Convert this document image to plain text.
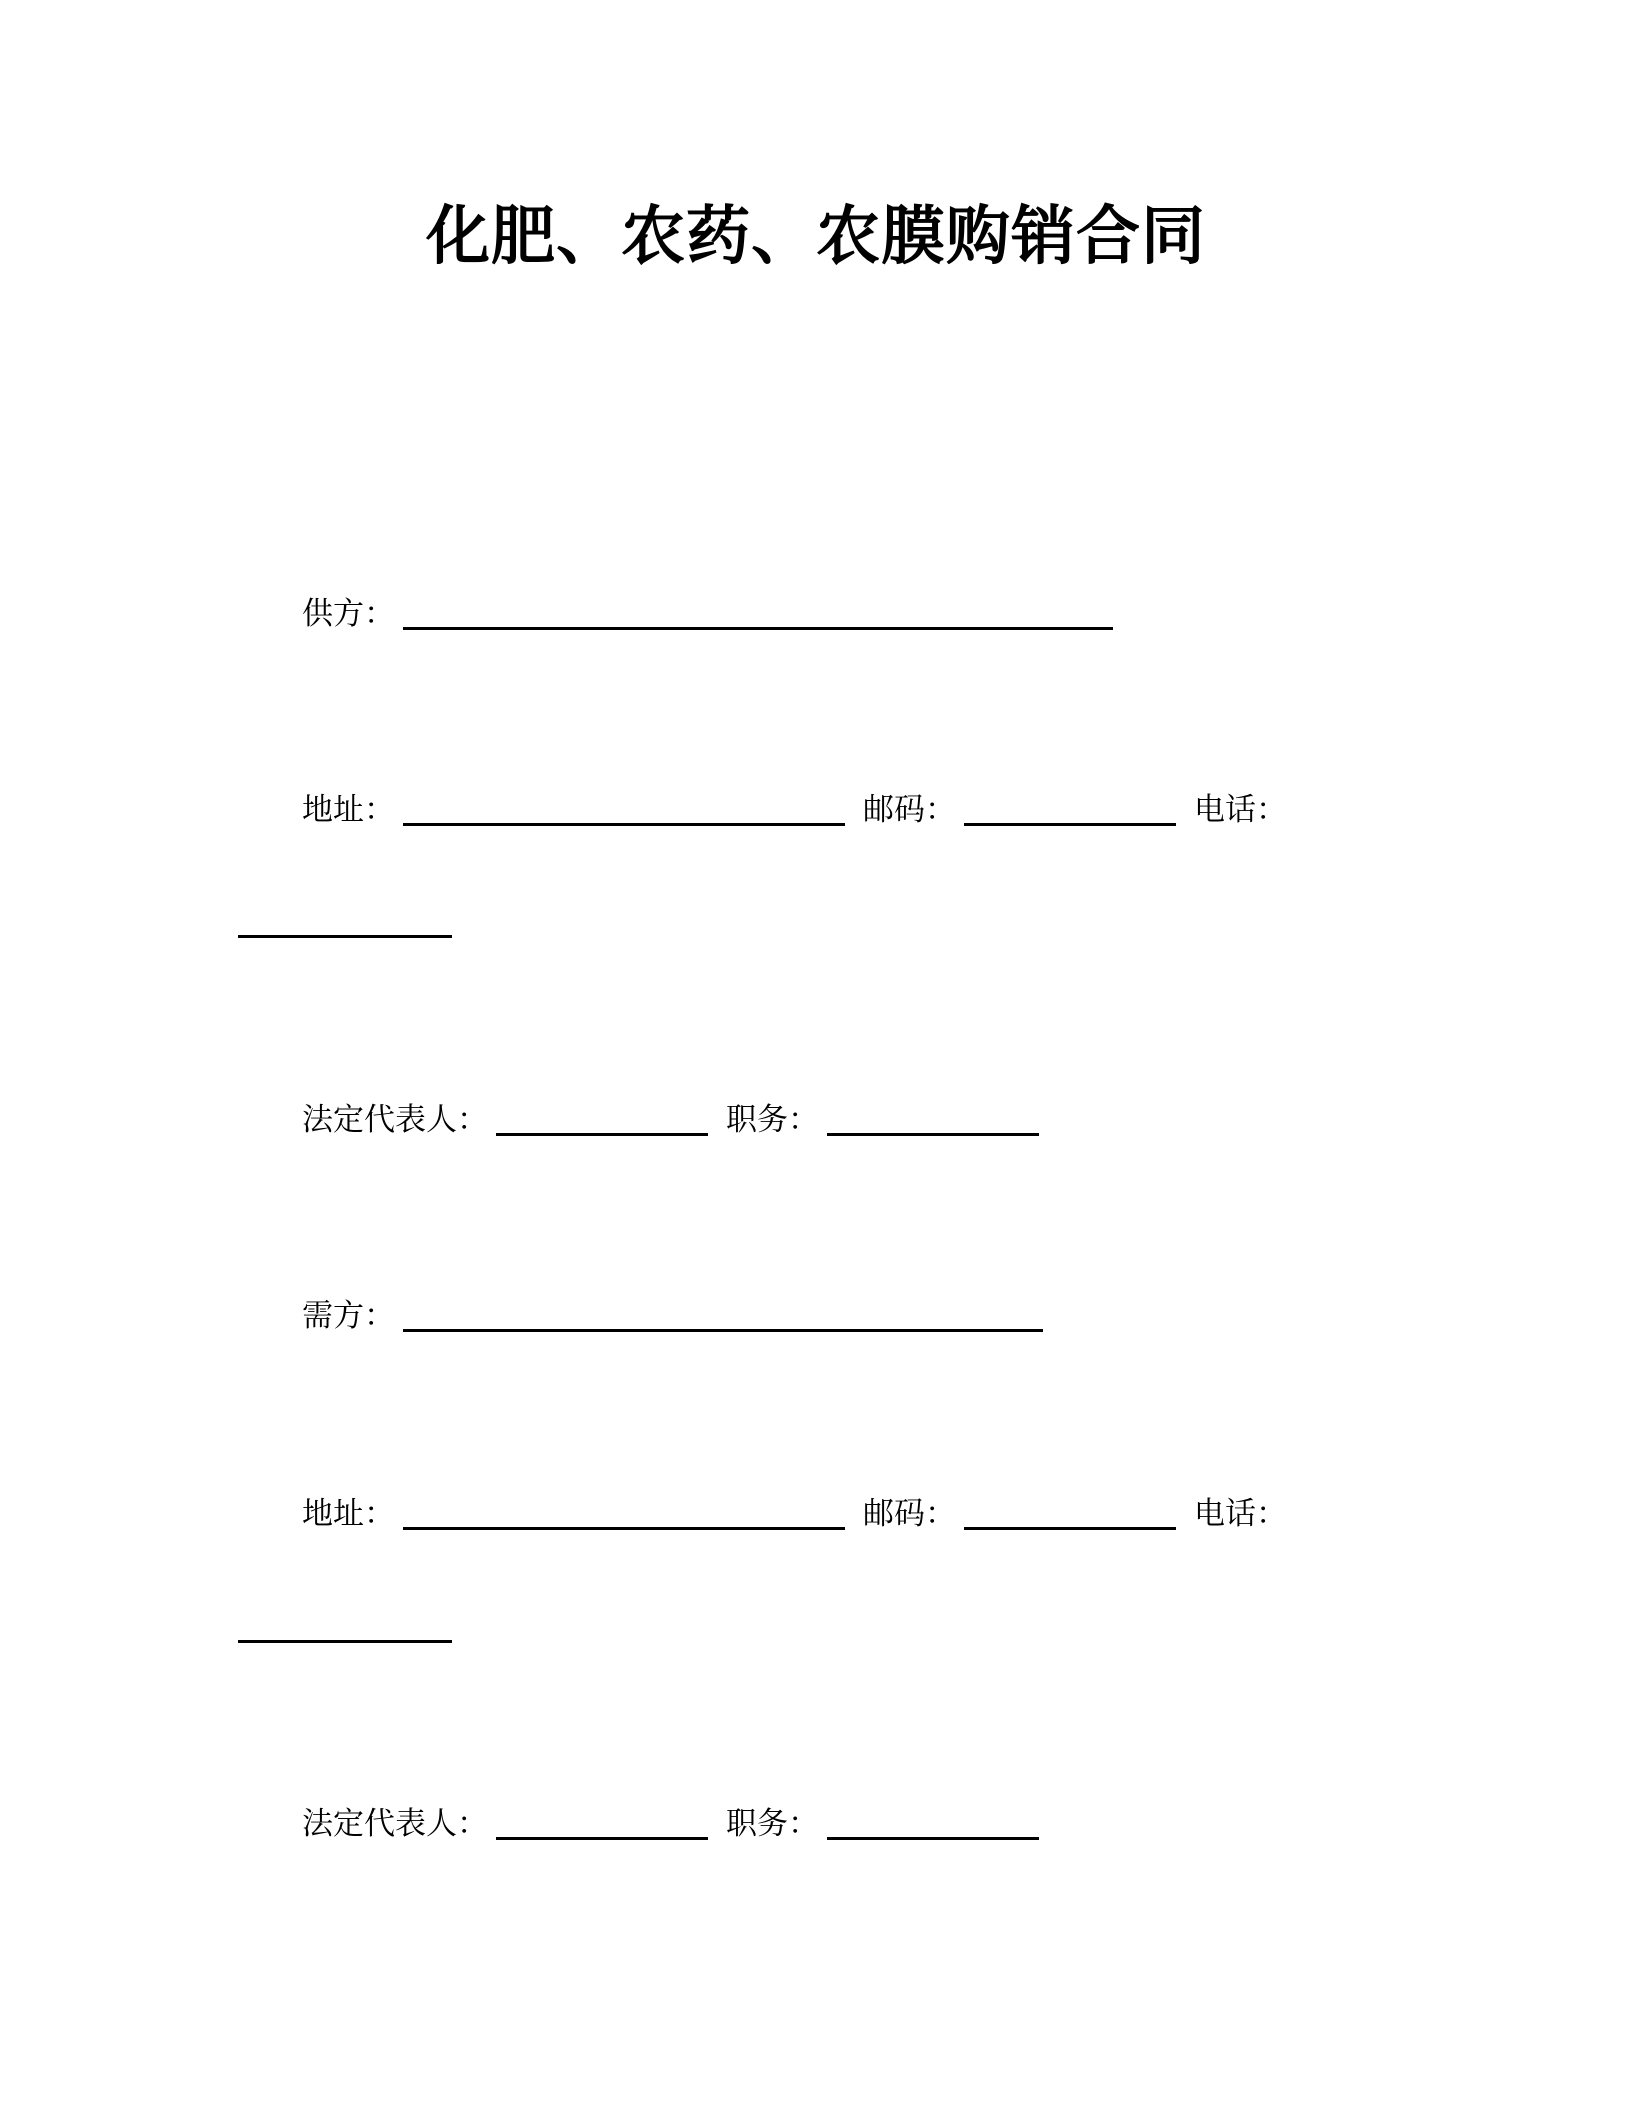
化肥、农药、农膜购销合同
供方：
地址：	邮码：	电话：
法定代表人：	职务：
需方：
地址：	邮码：	电话：
法定代表人：	职务：
